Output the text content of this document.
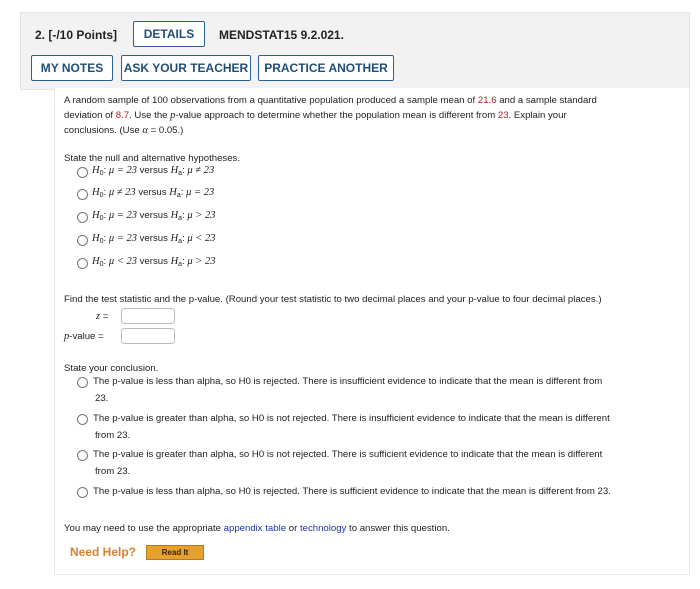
2. [-/10 Points]	DETAILS	MENDSTAT15 9.2.021.
MY NOTES	ASK YOUR TEACHER	PRACTICE ANOTHER
A random sample of 100 observations from a quantitative population produced a sample mean of 21.6 and a sample standard
deviation of 8.7. Use the p-value approach to determine whether the population mean is different from 23. Explain your
conclusions. (Use α = 0.05.)
State the null and alternative hypotheses.
$H_0$: μ = 23 versus $H_a$: μ ≠ 23
$H_0$: μ ≠ 23 versus $H_a$: μ = 23
$H_0$: μ = 23 versus $H_a$: μ > 23
$H_0$: μ = 23 versus $H_a$: μ < 23
$H_0$: μ < 23 versus $H_a$: μ > 23
Find the test statistic and the p-value. (Round your test statistic to two decimal places and your p-value to four decimal places.)
z =
p-value =
State your conclusion.
The p-value is less than alpha, so H0 is rejected. There is insufficient evidence to indicate that the mean is different from
23.
The p-value is greater than alpha, so H0 is not rejected. There is insufficient evidence to indicate that the mean is different
from 23.
The p-value is greater than alpha, so H0 is not rejected. There is sufficient evidence to indicate that the mean is different
from 23.
The p-value is less than alpha, so H0 is rejected. There is sufficient evidence to indicate that the mean is different from 23.
You may need to use the appropriate appendix table or technology to answer this question.
Need Help?	Read It
